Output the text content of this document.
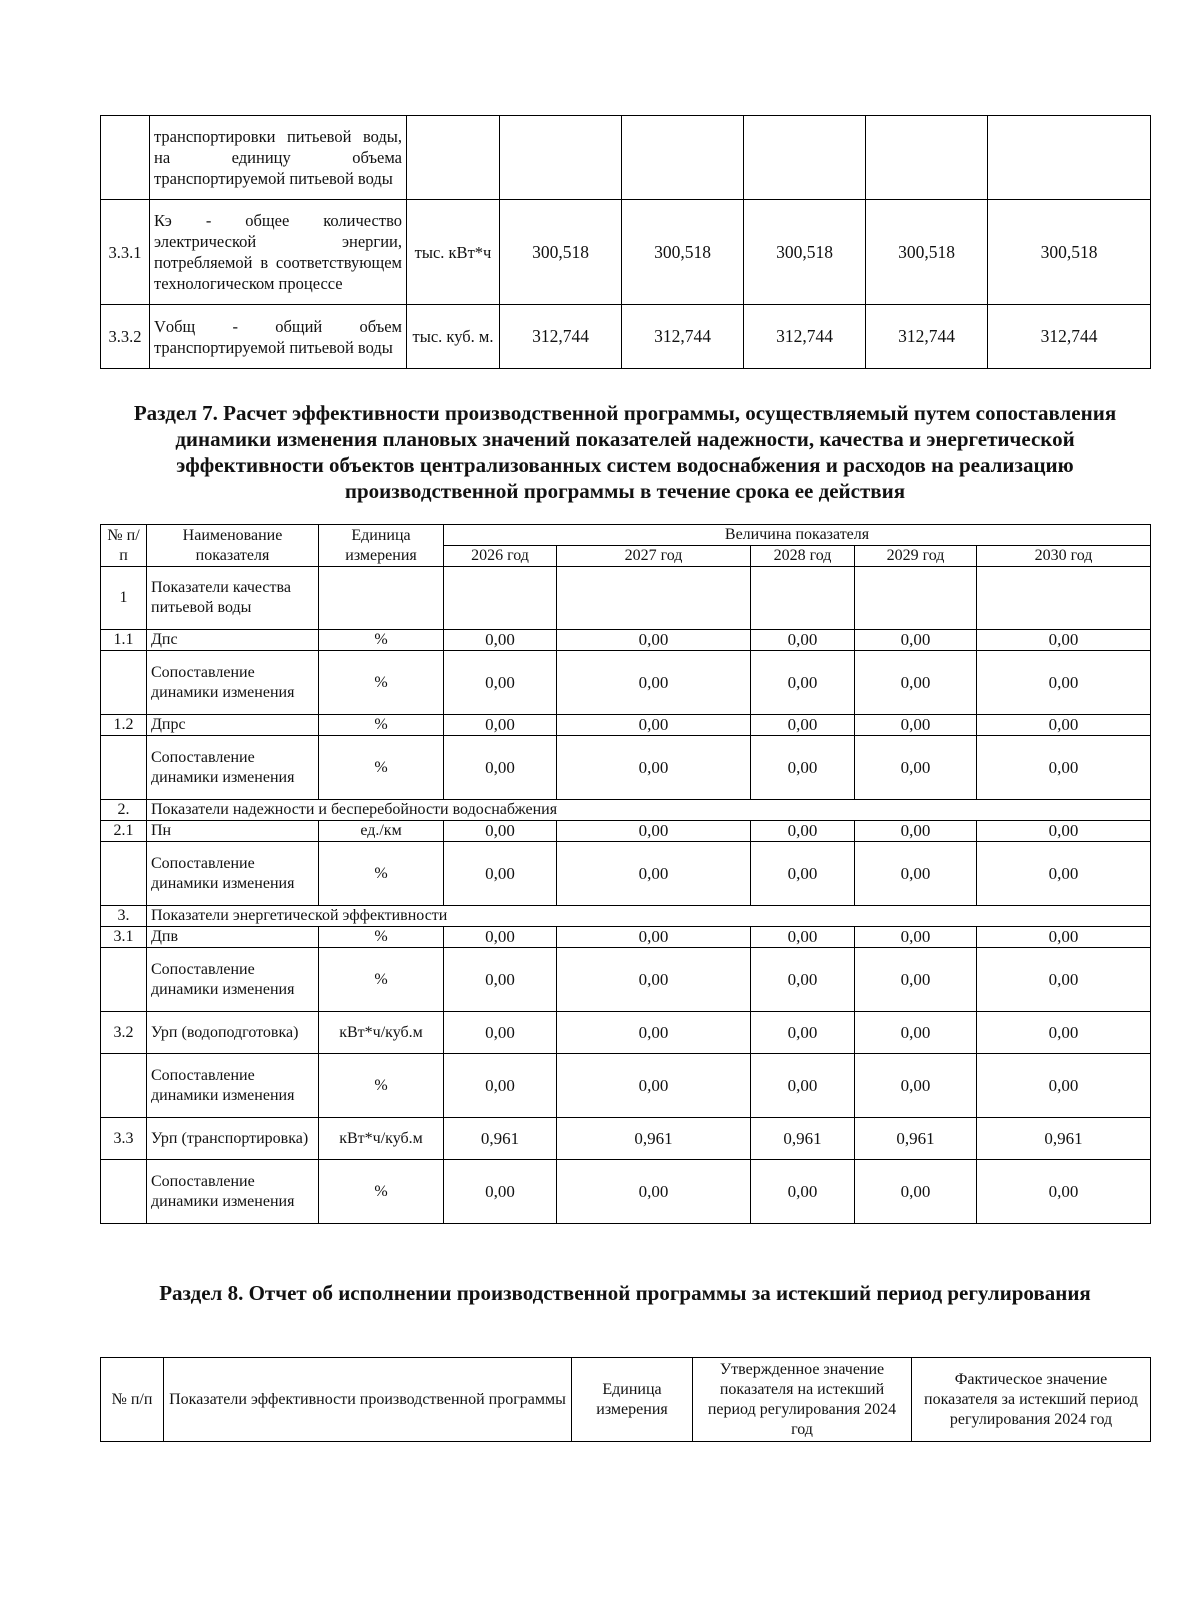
	транспортировки питьевой воды, на единицу объема транспортируемой питьевой воды						
3.3.1	Кэ - общее количество электрической энергии, потребляемой в соответствующем технологическом процессе	тыс. кВт*ч	300,518	300,518	300,518	300,518	300,518
3.3.2	Vобщ - общий объем транспортируемой питьевой воды	тыс. куб. м.	312,744	312,744	312,744	312,744	312,744
Раздел 7. Расчет эффективности производственной программы, осуществляемый путем сопоставления динамики изменения плановых значений показателей надежности, качества и энергетической эффективности объектов централизованных систем водоснабжения и расходов на реализацию производственной программы в течение срока ее действия
№ п/п	Наименование показателя	Единица измерения	Величина показателя				
			2026 год	2027 год	2028 год	2029 год	2030 год
1	Показатели качества питьевой воды						
1.1	Дпс	%	0,00	0,00	0,00	0,00	0,00
	Сопоставление динамики изменения	%	0,00	0,00	0,00	0,00	0,00
1.2	Дпрс	%	0,00	0,00	0,00	0,00	0,00
	Сопоставление динамики изменения	%	0,00	0,00	0,00	0,00	0,00
2.	Показатели надежности и бесперебойности водоснабжения						
2.1	Пн	ед./км	0,00	0,00	0,00	0,00	0,00
	Сопоставление динамики изменения	%	0,00	0,00	0,00	0,00	0,00
3.	Показатели энергетической эффективности						
3.1	Дпв	%	0,00	0,00	0,00	0,00	0,00
	Сопоставление динамики изменения	%	0,00	0,00	0,00	0,00	0,00
3.2	Урп (водоподготовка)	кВт*ч/куб.м	0,00	0,00	0,00	0,00	0,00
	Сопоставление динамики изменения	%	0,00	0,00	0,00	0,00	0,00
3.3	Урп (транспортировка)	кВт*ч/куб.м	0,961	0,961	0,961	0,961	0,961
	Сопоставление динамики изменения	%	0,00	0,00	0,00	0,00	0,00
Раздел 8. Отчет об исполнении производственной программы за истекший период регулирования
№ п/п	Показатели эффективности производственной программы	Единица измерения	Утвержденное значение показателя на истекший период регулирования 2024 год	Фактическое значение показателя за истекший период регулирования 2024 год
